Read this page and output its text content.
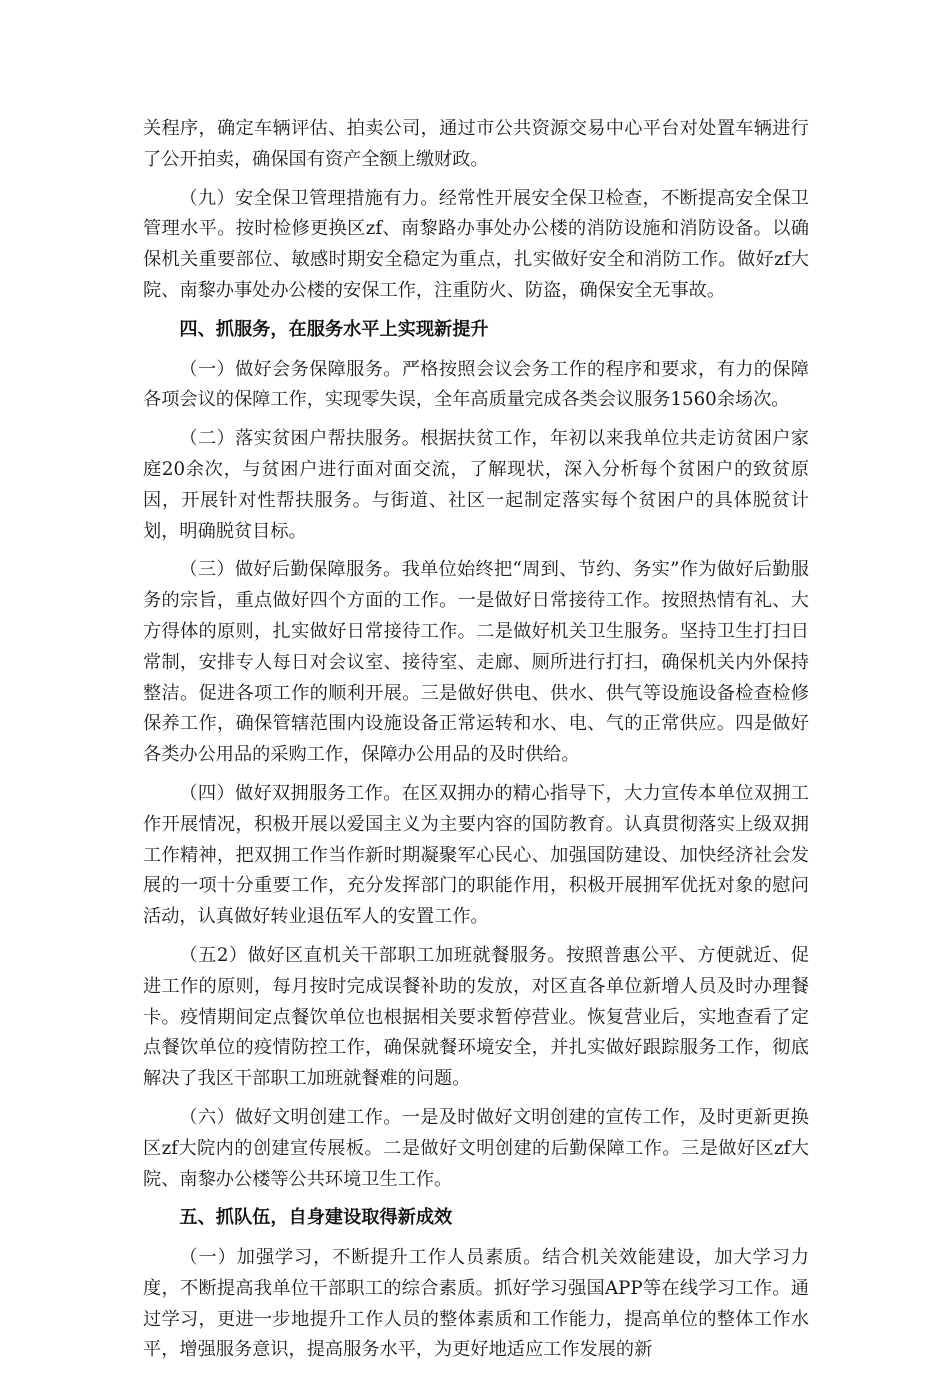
关程序，确定车辆评估、拍卖公司，通过市公共资源交易中心平台对处置车辆进行了公开拍卖，确保国有资产全额上缴财政。

（九）安全保卫管理措施有力。经常性开展安全保卫检查，不断提高安全保卫管理水平。按时检修更换区zf、南黎路办事处办公楼的消防设施和消防设备。以确保机关重要部位、敏感时期安全稳定为重点，扎实做好安全和消防工作。做好zf大院、南黎办事处办公楼的安保工作，注重防火、防盗，确保安全无事故。

四、抓服务，在服务水平上实现新提升

（一）做好会务保障服务。严格按照会议会务工作的程序和要求，有力的保障各项会议的保障工作，实现零失误，全年高质量完成各类会议服务1560余场次。

（二）落实贫困户帮扶服务。根据扶贫工作，年初以来我单位共走访贫困户家庭20余次，与贫困户进行面对面交流，了解现状，深入分析每个贫困户的致贫原因，开展针对性帮扶服务。与街道、社区一起制定落实每个贫困户的具体脱贫计划，明确脱贫目标。

（三）做好后勤保障服务。我单位始终把“周到、节约、务实”作为做好后勤服务的宗旨，重点做好四个方面的工作。一是做好日常接待工作。按照热情有礼、大方得体的原则，扎实做好日常接待工作。二是做好机关卫生服务。坚持卫生打扫日常制，安排专人每日对会议室、接待室、走廊、厕所进行打扫，确保机关内外保持整洁。促进各项工作的顺利开展。三是做好供电、供水、供气等设施设备检查检修保养工作，确保管辖范围内设施设备正常运转和水、电、气的正常供应。四是做好各类办公用品的采购工作，保障办公用品的及时供给。

（四）做好双拥服务工作。在区双拥办的精心指导下，大力宣传本单位双拥工作开展情况，积极开展以爱国主义为主要内容的国防教育。认真贯彻落实上级双拥工作精神，把双拥工作当作新时期凝聚军心民心、加强国防建设、加快经济社会发展的一项十分重要工作，充分发挥部门的职能作用，积极开展拥军优抚对象的慰问活动，认真做好转业退伍军人的安置工作。

（五2）做好区直机关干部职工加班就餐服务。按照普惠公平、方便就近、促进工作的原则，每月按时完成误餐补助的发放，对区直各单位新增人员及时办理餐卡。疫情期间定点餐饮单位也根据相关要求暂停营业。恢复营业后，实地查看了定点餐饮单位的疫情防控工作，确保就餐环境安全，并扎实做好跟踪服务工作，彻底解决了我区干部职工加班就餐难的问题。

（六）做好文明创建工作。一是及时做好文明创建的宣传工作，及时更新更换区zf大院内的创建宣传展板。二是做好文明创建的后勤保障工作。三是做好区zf大院、南黎办公楼等公共环境卫生工作。

五、抓队伍，自身建设取得新成效

（一）加强学习，不断提升工作人员素质。结合机关效能建设，加大学习力度，不断提高我单位干部职工的综合素质。抓好学习强国APP等在线学习工作。通过学习，更进一步地提升工作人员的整体素质和工作能力，提高单位的整体工作水平，增强服务意识，提高服务水平，为更好地适应工作发展的新
